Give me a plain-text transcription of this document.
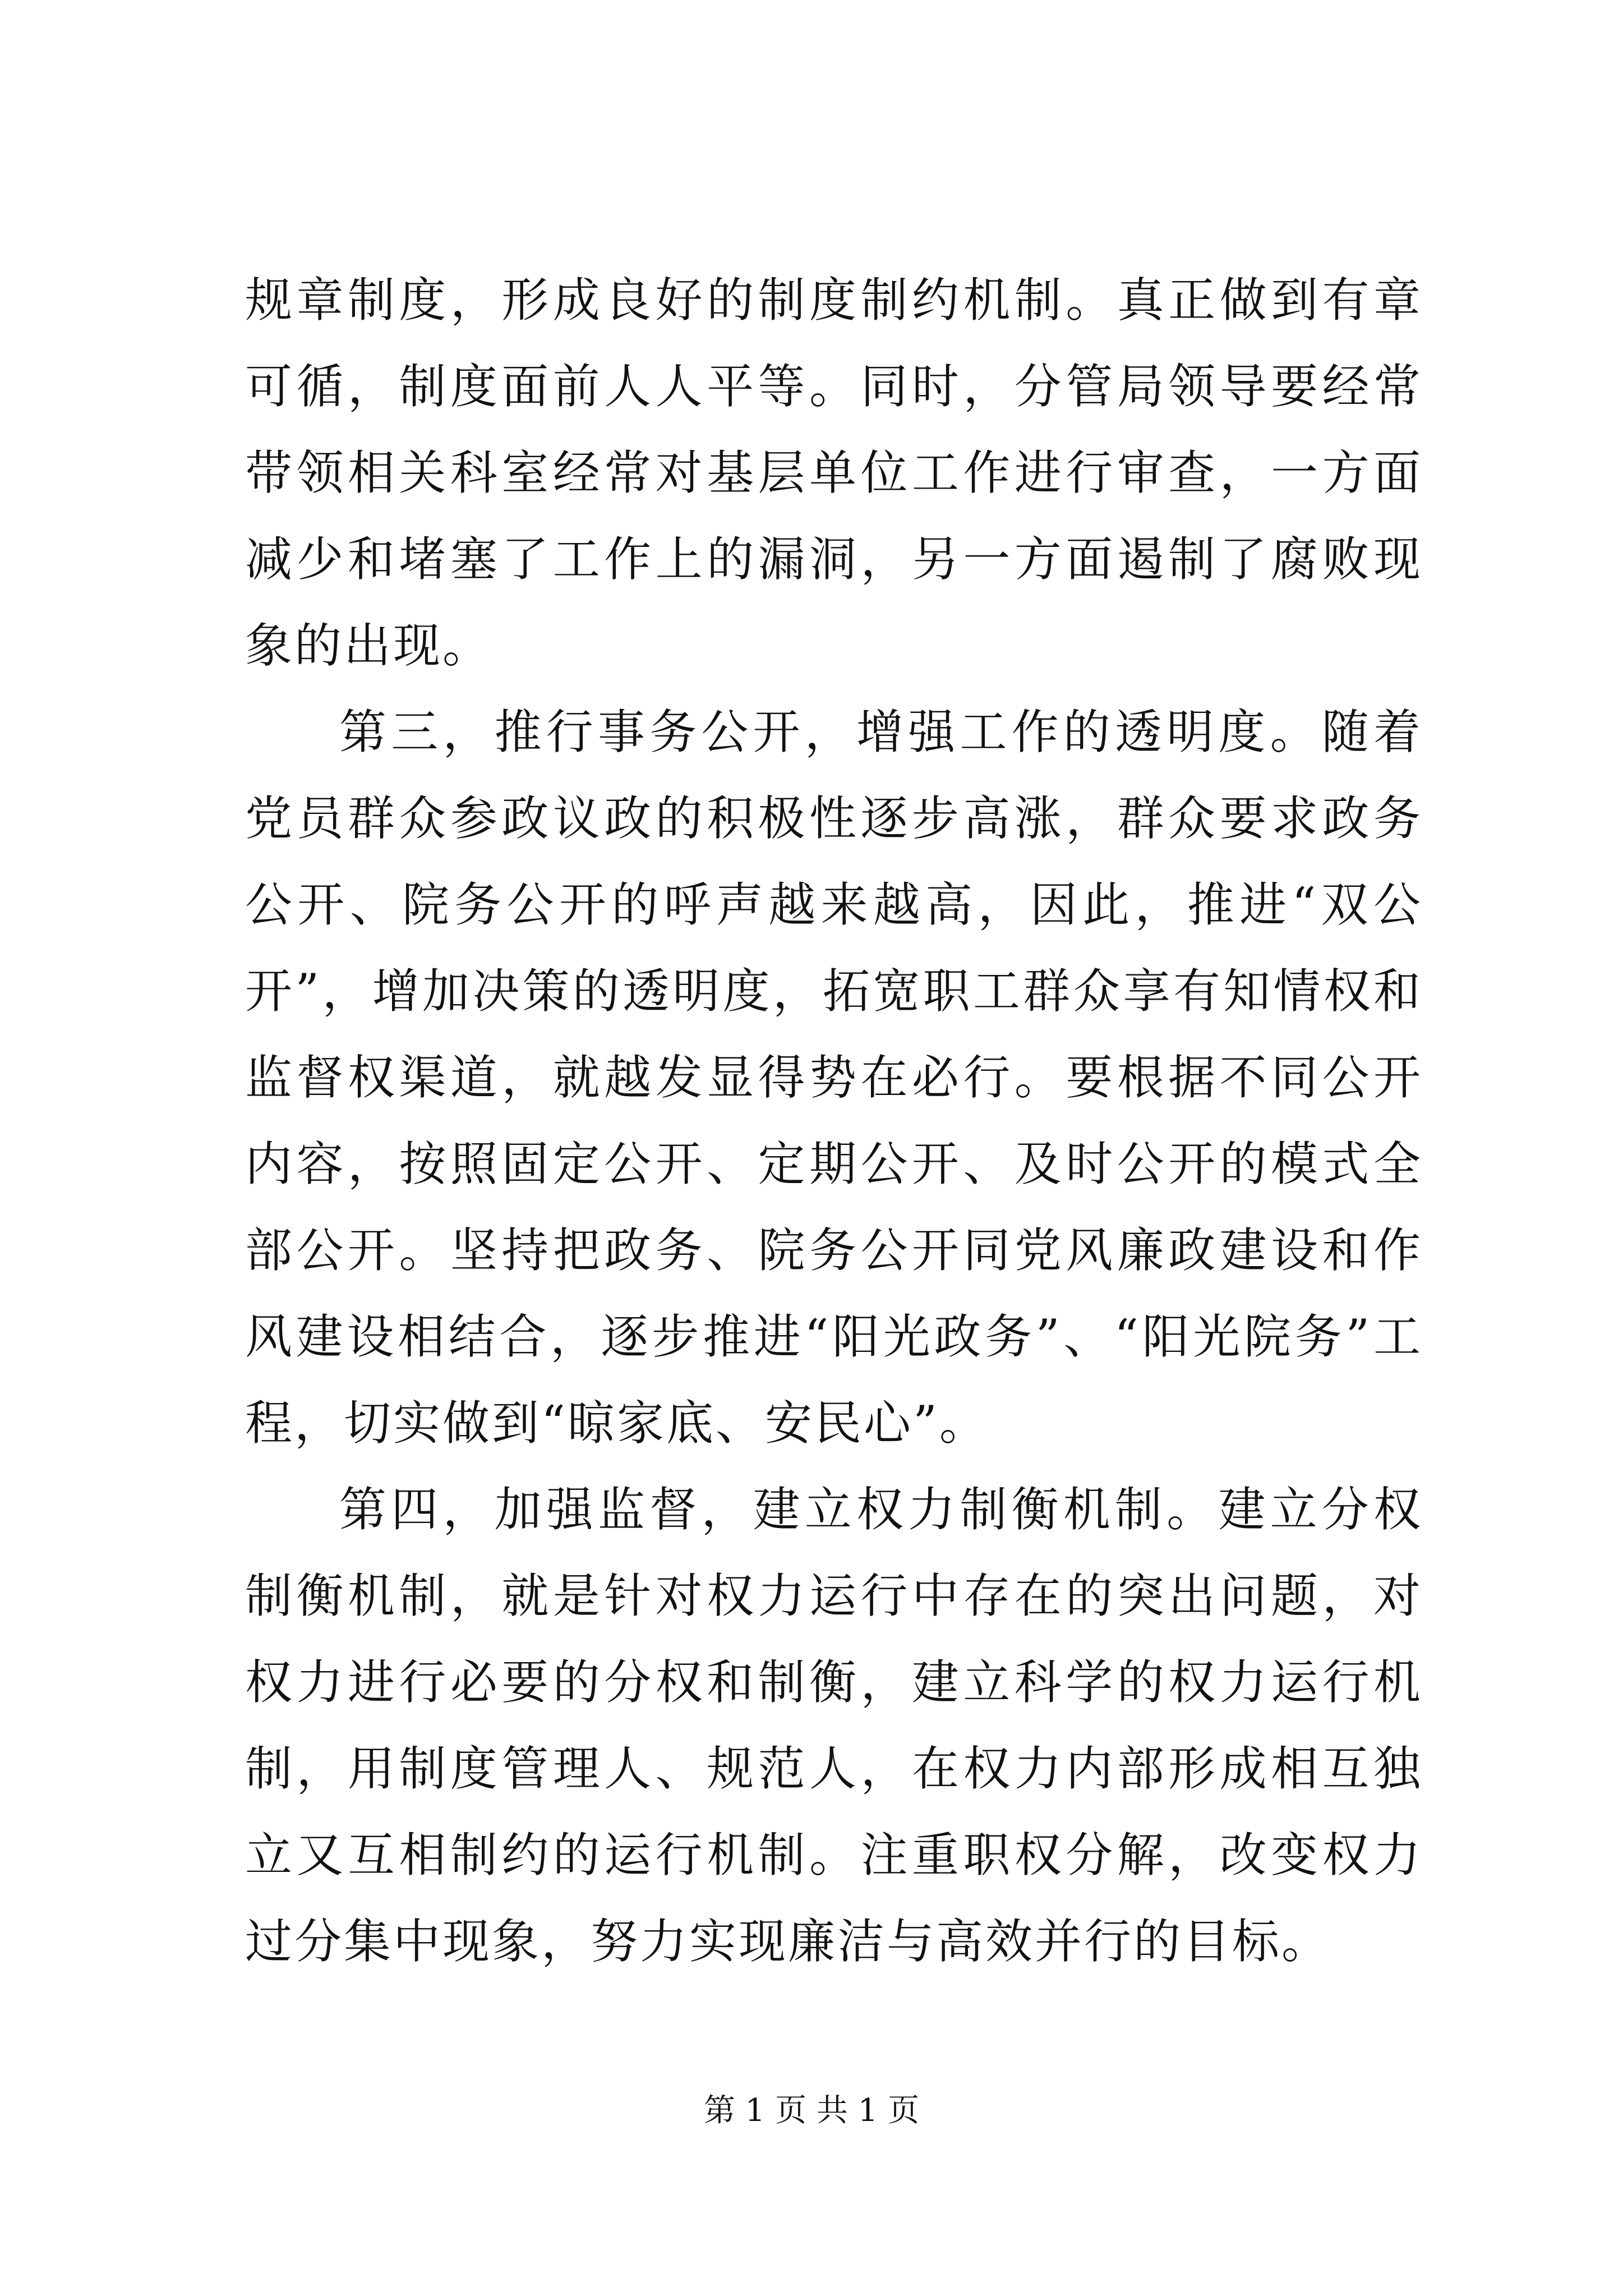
规章制度，形成良好的制度制约机制。真正做到有章可循，制度面前人人平等。同时，分管局领导要经常带领相关科室经常对基层单位工作进行审查，一方面减少和堵塞了工作上的漏洞，另一方面遏制了腐败现象的出现。

第三，推行事务公开，增强工作的透明度。随着党员群众参政议政的积极性逐步高涨，群众要求政务公开、院务公开的呼声越来越高，因此，推进“双公开”，增加决策的透明度，拓宽职工群众享有知情权和监督权渠道，就越发显得势在必行。要根据不同公开内容，按照固定公开、定期公开、及时公开的模式全部公开。坚持把政务、院务公开同党风廉政建设和作风建设相结合，逐步推进“阳光政务”、“阳光院务”工程，切实做到“晾家底、安民心”。

第四，加强监督，建立权力制衡机制。建立分权制衡机制，就是针对权力运行中存在的突出问题，对权力进行必要的分权和制衡，建立科学的权力运行机制，用制度管理人、规范人，在权力内部形成相互独立又互相制约的运行机制。注重职权分解，改变权力过分集中现象，努力实现廉洁与高效并行的目标。

第 1 页 共 1 页
